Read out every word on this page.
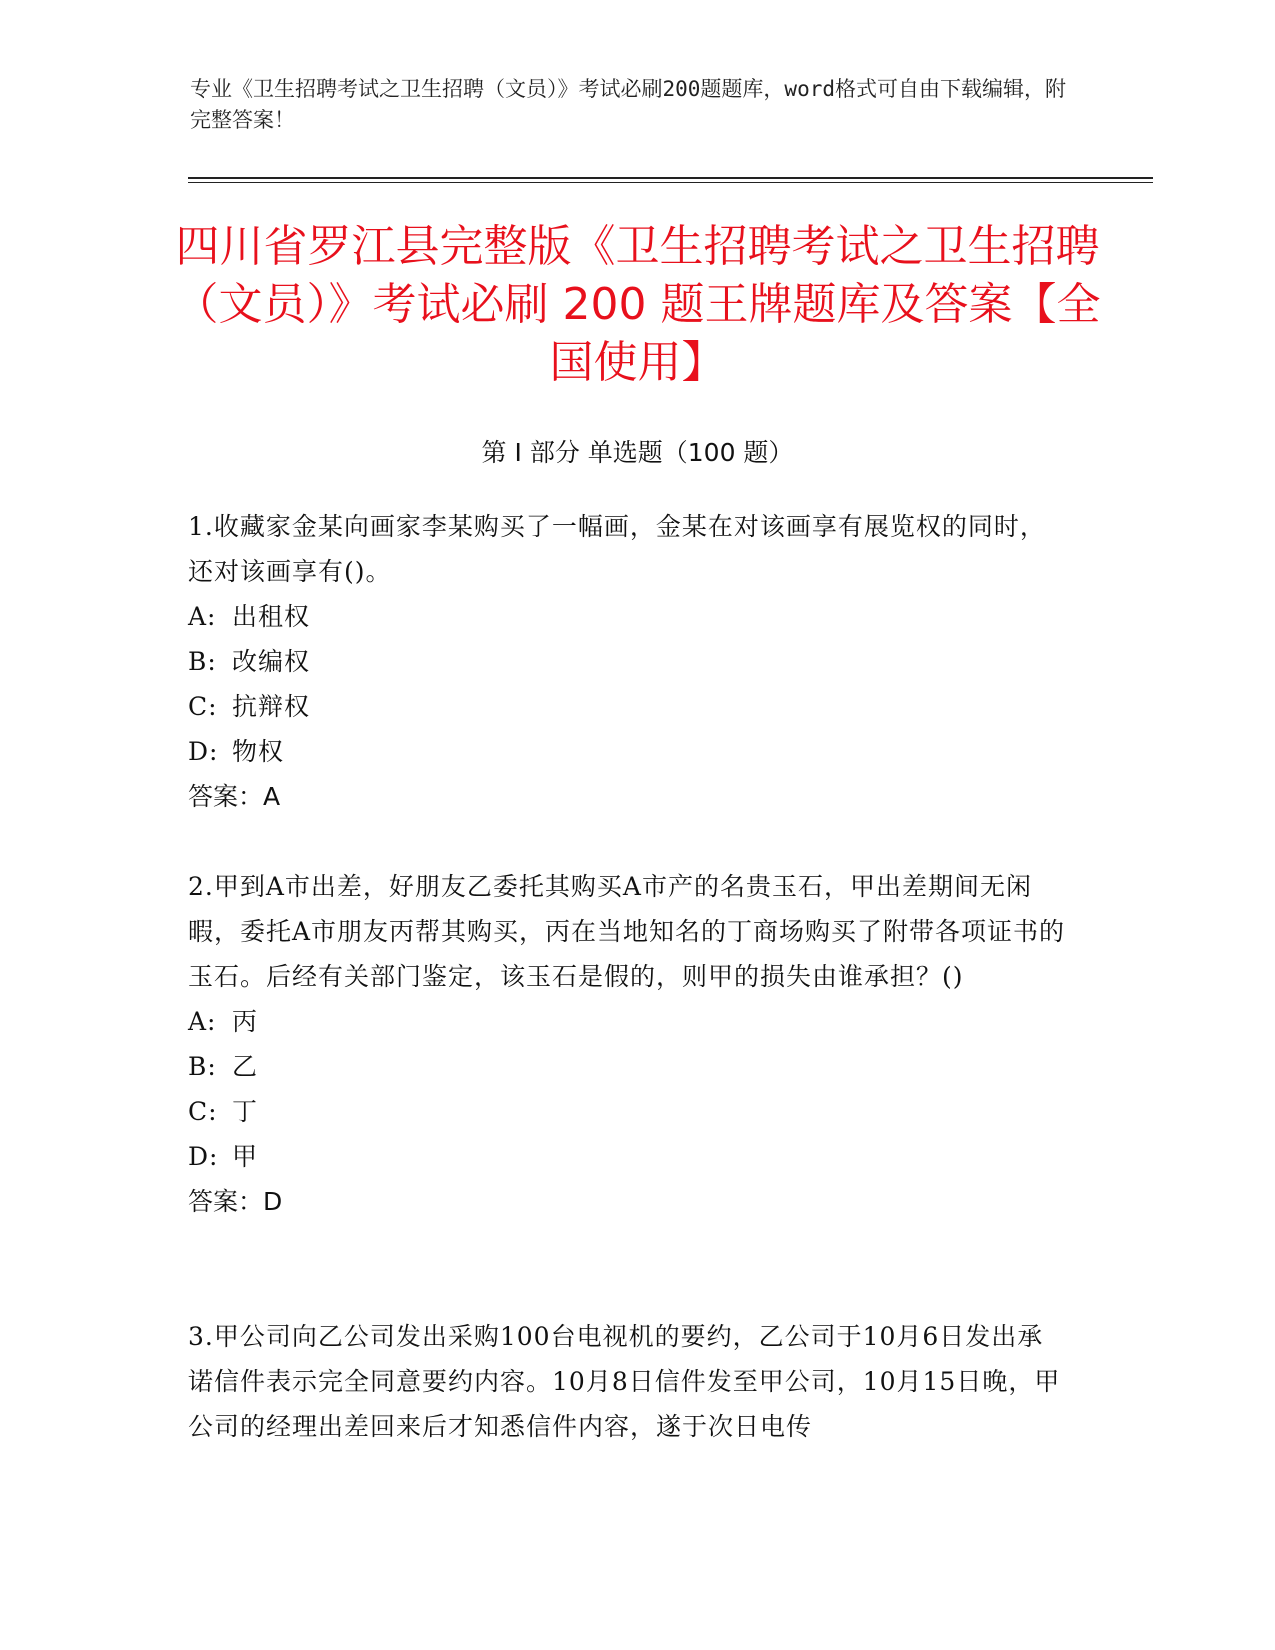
专业《卫生招聘考试之卫生招聘（文员）》考试必刷200题题库，word格式可自由下载编辑，附完整答案！
四川省罗江县完整版《卫生招聘考试之卫生招聘（文员）》考试必刷 200 题王牌题库及答案【全国使用】
第 I 部分 单选题（100 题）
1.收藏家金某向画家李某购买了一幅画，金某在对该画享有展览权的同时，还对该画享有()。
A: 出租权
B: 改编权
C: 抗辩权
D: 物权
答案：A
2.甲到A市出差，好朋友乙委托其购买A市产的名贵玉石，甲出差期间无闲暇，委托A市朋友丙帮其购买，丙在当地知名的丁商场购买了附带各项证书的玉石。后经有关部门鉴定，该玉石是假的，则甲的损失由谁承担？()
A: 丙
B: 乙
C: 丁
D: 甲
答案：D
3.甲公司向乙公司发出采购100台电视机的要约，乙公司于10月6日发出承诺信件表示完全同意要约内容。10月8日信件发至甲公司，10月15日晚，甲公司的经理出差回来后才知悉信件内容，遂于次日电传
